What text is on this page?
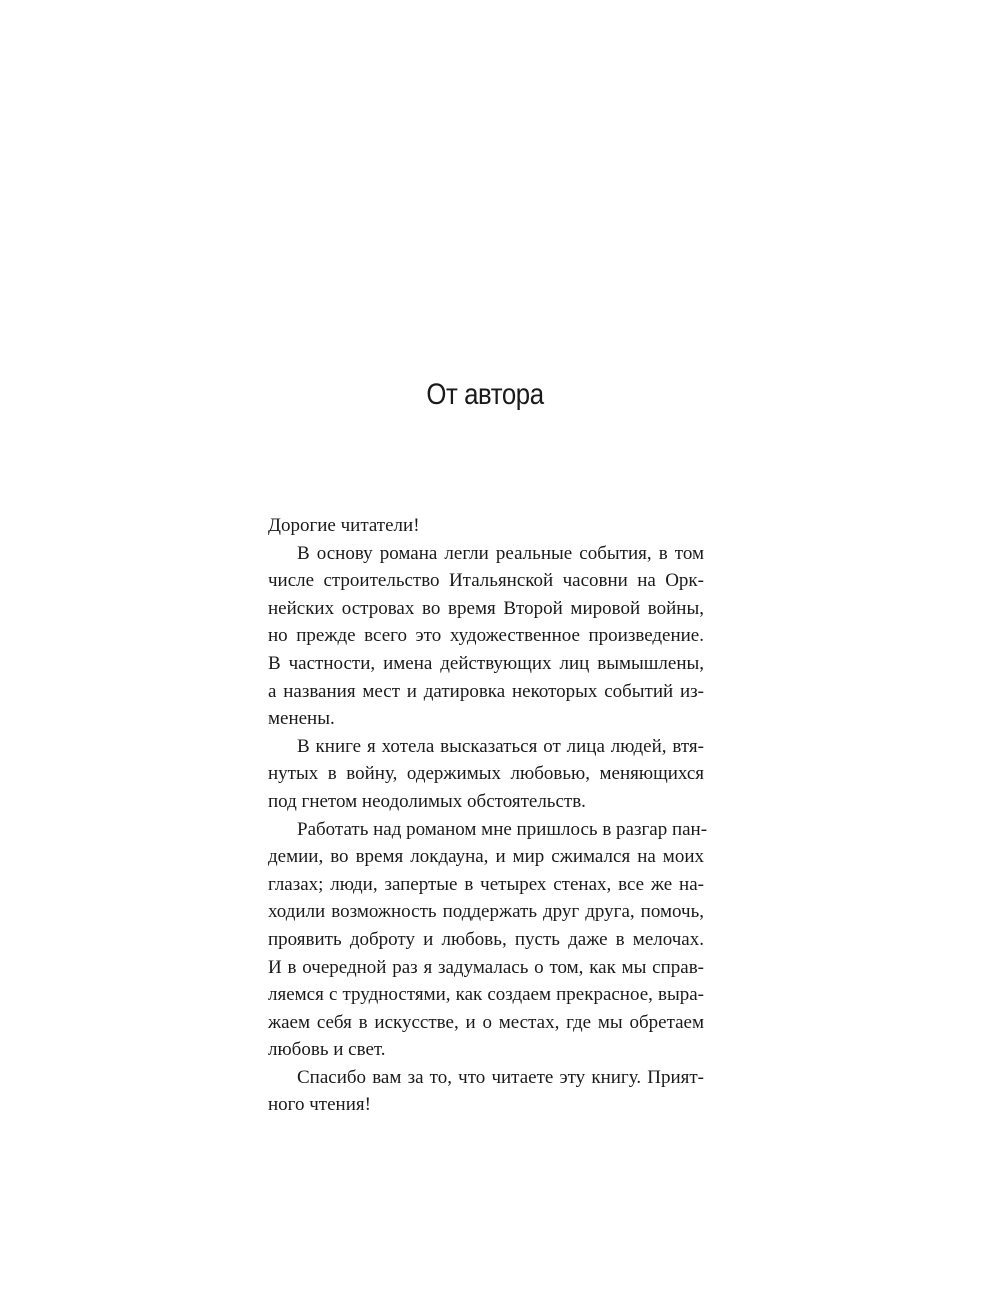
От автора
Дорогие читатели!
В основу романа легли реальные события, в том
числе строительство Итальянской часовни на Орк-
нейских островах во время Второй мировой войны,
но прежде всего это художественное произведение.
В частности, имена действующих лиц вымышлены,
а названия мест и датировка некоторых событий из-
менены.
В книге я хотела высказаться от лица людей, втя-
нутых в войну, одержимых любовью, меняющихся
под гнетом неодолимых обстоятельств.
Работать над романом мне пришлось в разгар пан-
демии, во время локдауна, и мир сжимался на моих
глазах; люди, запертые в четырех стенах, все же на-
ходили возможность поддержать друг друга, помочь,
проявить доброту и любовь, пусть даже в мелочах.
И в очередной раз я задумалась о том, как мы справ-
ляемся с трудностями, как создаем прекрасное, выра-
жаем себя в искусстве, и о местах, где мы обретаем
любовь и свет.
Спасибо вам за то, что читаете эту книгу. Прият-
ного чтения!
